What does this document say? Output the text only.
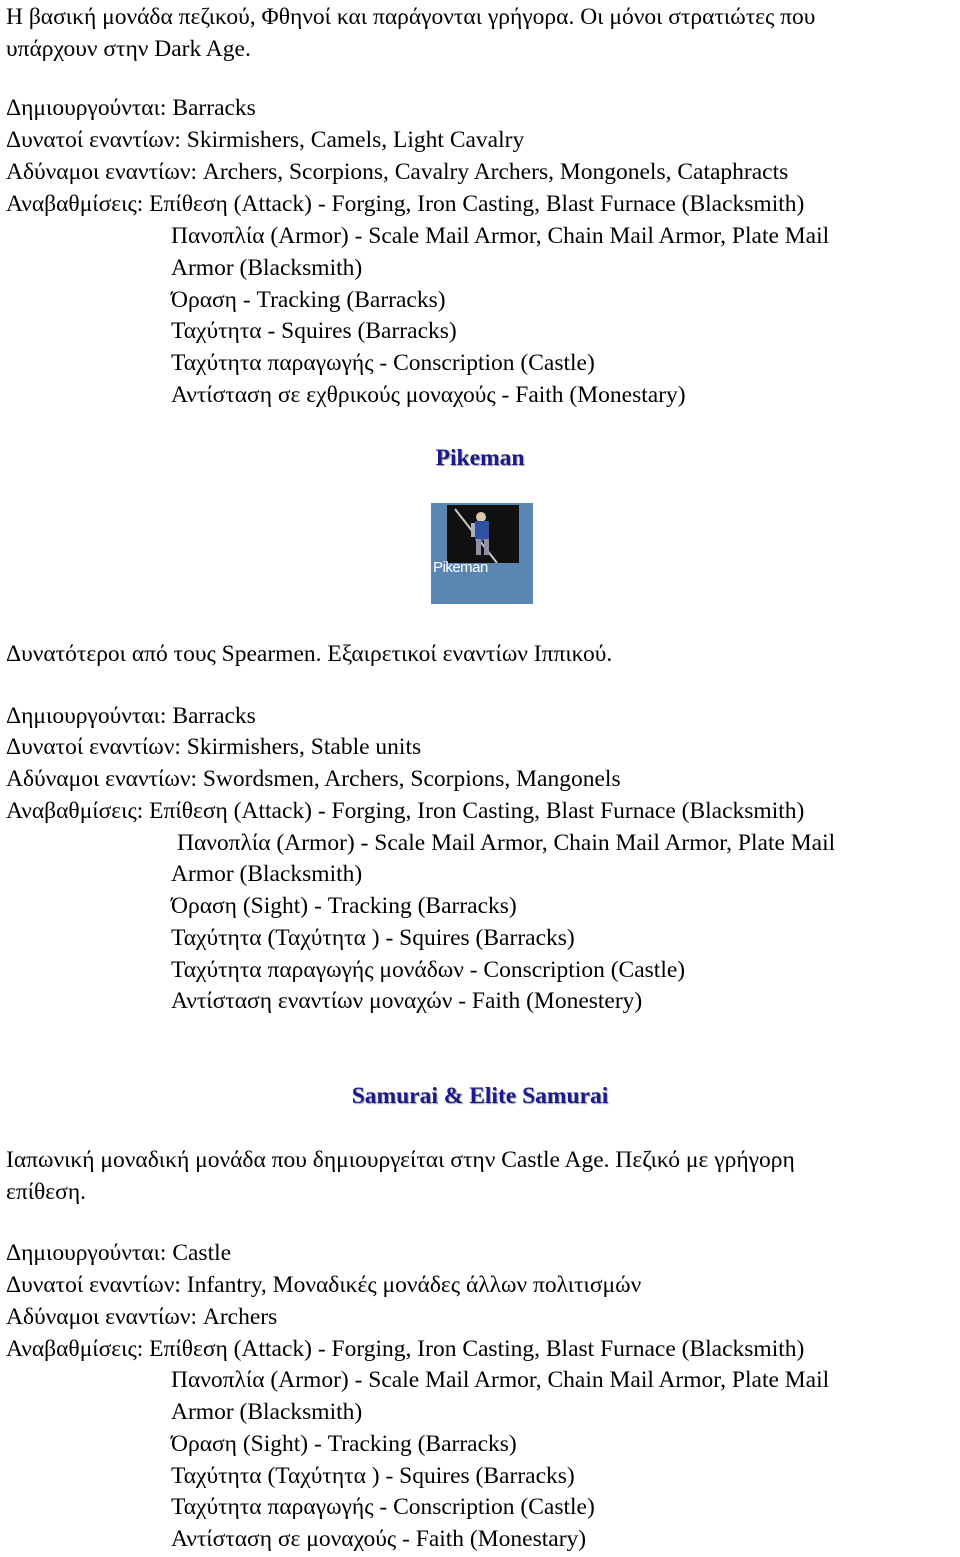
Η βασική μονάδα πεζικού, Φθηνοί και παράγονται γρήγορα. Οι μόνοι στρατιώτες που
υπάρχουν στην Dark Age.
Δημιουργούνται: Barracks
Δυνατοί εναντίων: Skirmishers, Camels, Light Cavalry
Αδύναμοι εναντίων: Archers, Scorpions, Cavalry Archers, Mongonels, Cataphracts
Αναβαθμίσεις: Επίθεση (Attack) - Forging, Iron Casting, Blast Furnace (Blacksmith)
Πανοπλία (Armor) - Scale Mail Armor, Chain Mail Armor, Plate Mail
Armor (Blacksmith)
Όραση - Tracking (Barracks)
Ταχύτητα - Squires (Barracks)
Ταχύτητα παραγωγής - Conscription (Castle)
Αντίσταση σε εχθρικούς μοναχούς - Faith (Monestary)
Pikeman
Pikeman
Δυνατότεροι από τους Spearmen. Εξαιρετικοί εναντίων Ιππικού.
Δημιουργούνται: Barracks
Δυνατοί εναντίων: Skirmishers, Stable units
Αδύναμοι εναντίων: Swordsmen, Archers, Scorpions, Mangonels
Αναβαθμίσεις: Επίθεση (Attack) - Forging, Iron Casting, Blast Furnace (Blacksmith)
Πανοπλία (Armor) - Scale Mail Armor, Chain Mail Armor, Plate Mail
Armor (Blacksmith)
Όραση (Sight) - Tracking (Barracks)
Ταχύτητα (Ταχύτητα ) - Squires (Barracks)
Ταχύτητα παραγωγής μονάδων - Conscription (Castle)
Αντίσταση εναντίων μοναχών - Faith (Monestery)
Samurai & Elite Samurai
Ιαπωνική μοναδική μονάδα που δημιουργείται στην Castle Age. Πεζικό με γρήγορη
επίθεση.
Δημιουργούνται: Castle
Δυνατοί εναντίων: Infantry, Μοναδικές μονάδες άλλων πολιτισμών
Αδύναμοι εναντίων: Archers
Αναβαθμίσεις: Επίθεση (Attack) - Forging, Iron Casting, Blast Furnace (Blacksmith)
Πανοπλία (Armor) - Scale Mail Armor, Chain Mail Armor, Plate Mail
Armor (Blacksmith)
Όραση (Sight) - Tracking (Barracks)
Ταχύτητα (Ταχύτητα ) - Squires (Barracks)
Ταχύτητα παραγωγής - Conscription (Castle)
Αντίσταση σε μοναχούς - Faith (Monestary)
